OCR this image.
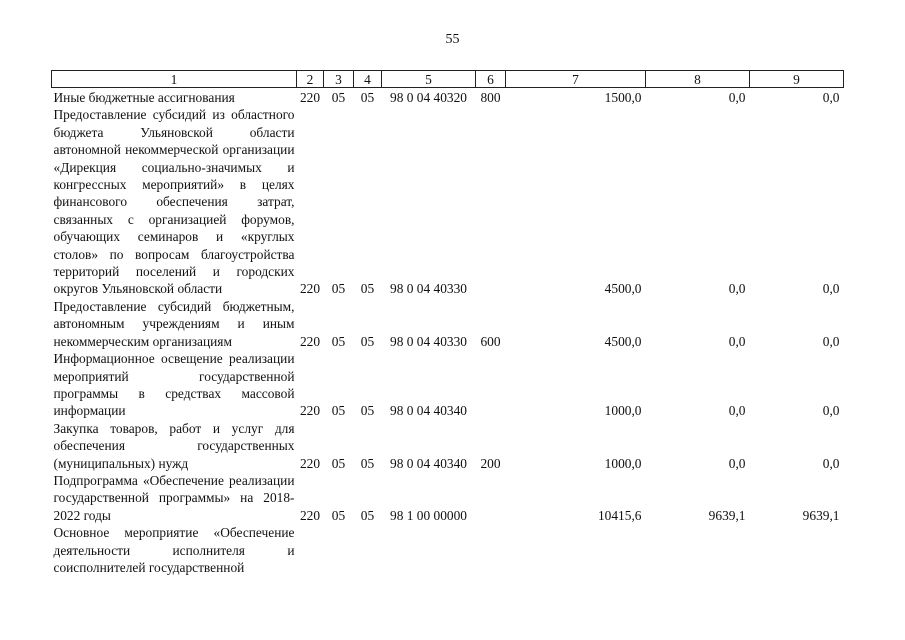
55
1	2	3	4	5	6	7	8	9
Иные бюджетные ассигнования	220	05	05	98 0 04 40320	800	1500,0	0,0	0,0
Предоставление субсидий из областного бюджета Ульяновской области автономной некоммерческой организации «Дирекция социально-значимых и конгрессных мероприятий» в целях финансового обеспечения затрат, связанных с организацией форумов, обучающих семинаров и «круглых столов» по вопросам благоустройства территорий поселений и городских округов Ульяновской области	220	05	05	98 0 04 40330		4500,0	0,0	0,0
Предоставление субсидий бюджетным, автономным учреждениям и иным некоммерческим организациям	220	05	05	98 0 04 40330	600	4500,0	0,0	0,0
Информационное освещение реализации мероприятий государственной программы в средствах массовой информации	220	05	05	98 0 04 40340		1000,0	0,0	0,0
Закупка товаров, работ и услуг для обеспечения государственных (муниципальных) нужд	220	05	05	98 0 04 40340	200	1000,0	0,0	0,0
Подпрограмма «Обеспечение реализации государственной программы» на 2018-2022 годы	220	05	05	98 1 00 00000		10415,6	9639,1	9639,1
Основное мероприятие «Обеспечение деятельности исполнителя и соисполнителей государственной								
